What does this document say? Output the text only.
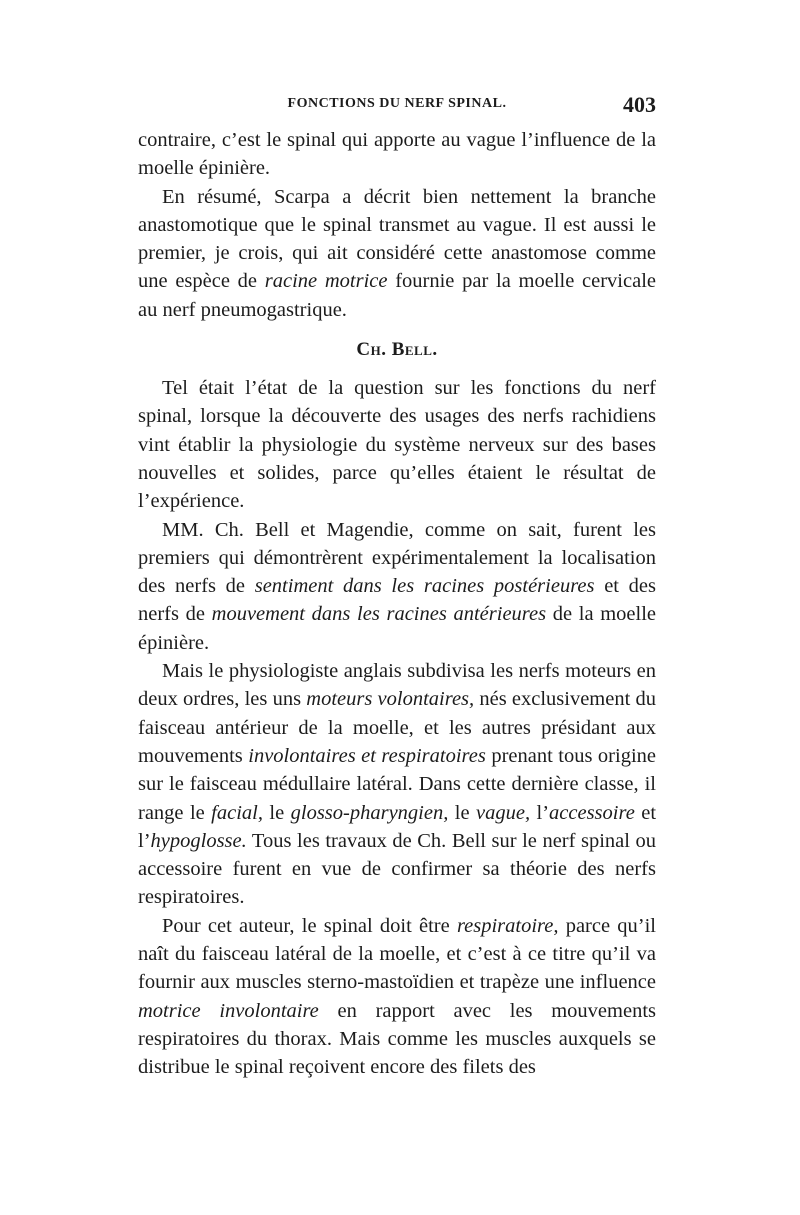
FONCTIONS DU NERF SPINAL.	403

contraire, c’est le spinal qui apporte au vague l’influence de la moelle épinière.

En résumé, Scarpa a décrit bien nettement la branche anastomotique que le spinal transmet au vague. Il est aussi le premier, je crois, qui ait considéré cette anastomose comme une espèce de racine motrice fournie par la moelle cervicale au nerf pneumogastrique.

Ch. Bell.

Tel était l’état de la question sur les fonctions du nerf spinal, lorsque la découverte des usages des nerfs rachidiens vint établir la physiologie du système nerveux sur des bases nouvelles et solides, parce qu’elles étaient le résultat de l’expérience.

MM. Ch. Bell et Magendie, comme on sait, furent les premiers qui démontrèrent expérimentalement la localisation des nerfs de sentiment dans les racines postérieures et des nerfs de mouvement dans les racines antérieures de la moelle épinière.

Mais le physiologiste anglais subdivisa les nerfs moteurs en deux ordres, les uns moteurs volontaires, nés exclusivement du faisceau antérieur de la moelle, et les autres présidant aux mouvements involontaires et respiratoires prenant tous origine sur le faisceau médullaire latéral. Dans cette dernière classe, il range le facial, le glosso-pharyngien, le vague, l’accessoire et l’hypoglosse. Tous les travaux de Ch. Bell sur le nerf spinal ou accessoire furent en vue de confirmer sa théorie des nerfs respiratoires.

Pour cet auteur, le spinal doit être respiratoire, parce qu’il naît du faisceau latéral de la moelle, et c’est à ce titre qu’il va fournir aux muscles sterno-mastoïdien et trapèze une influence motrice involontaire en rapport avec les mouvements respiratoires du thorax. Mais comme les muscles auxquels se distribue le spinal reçoivent encore des filets des
